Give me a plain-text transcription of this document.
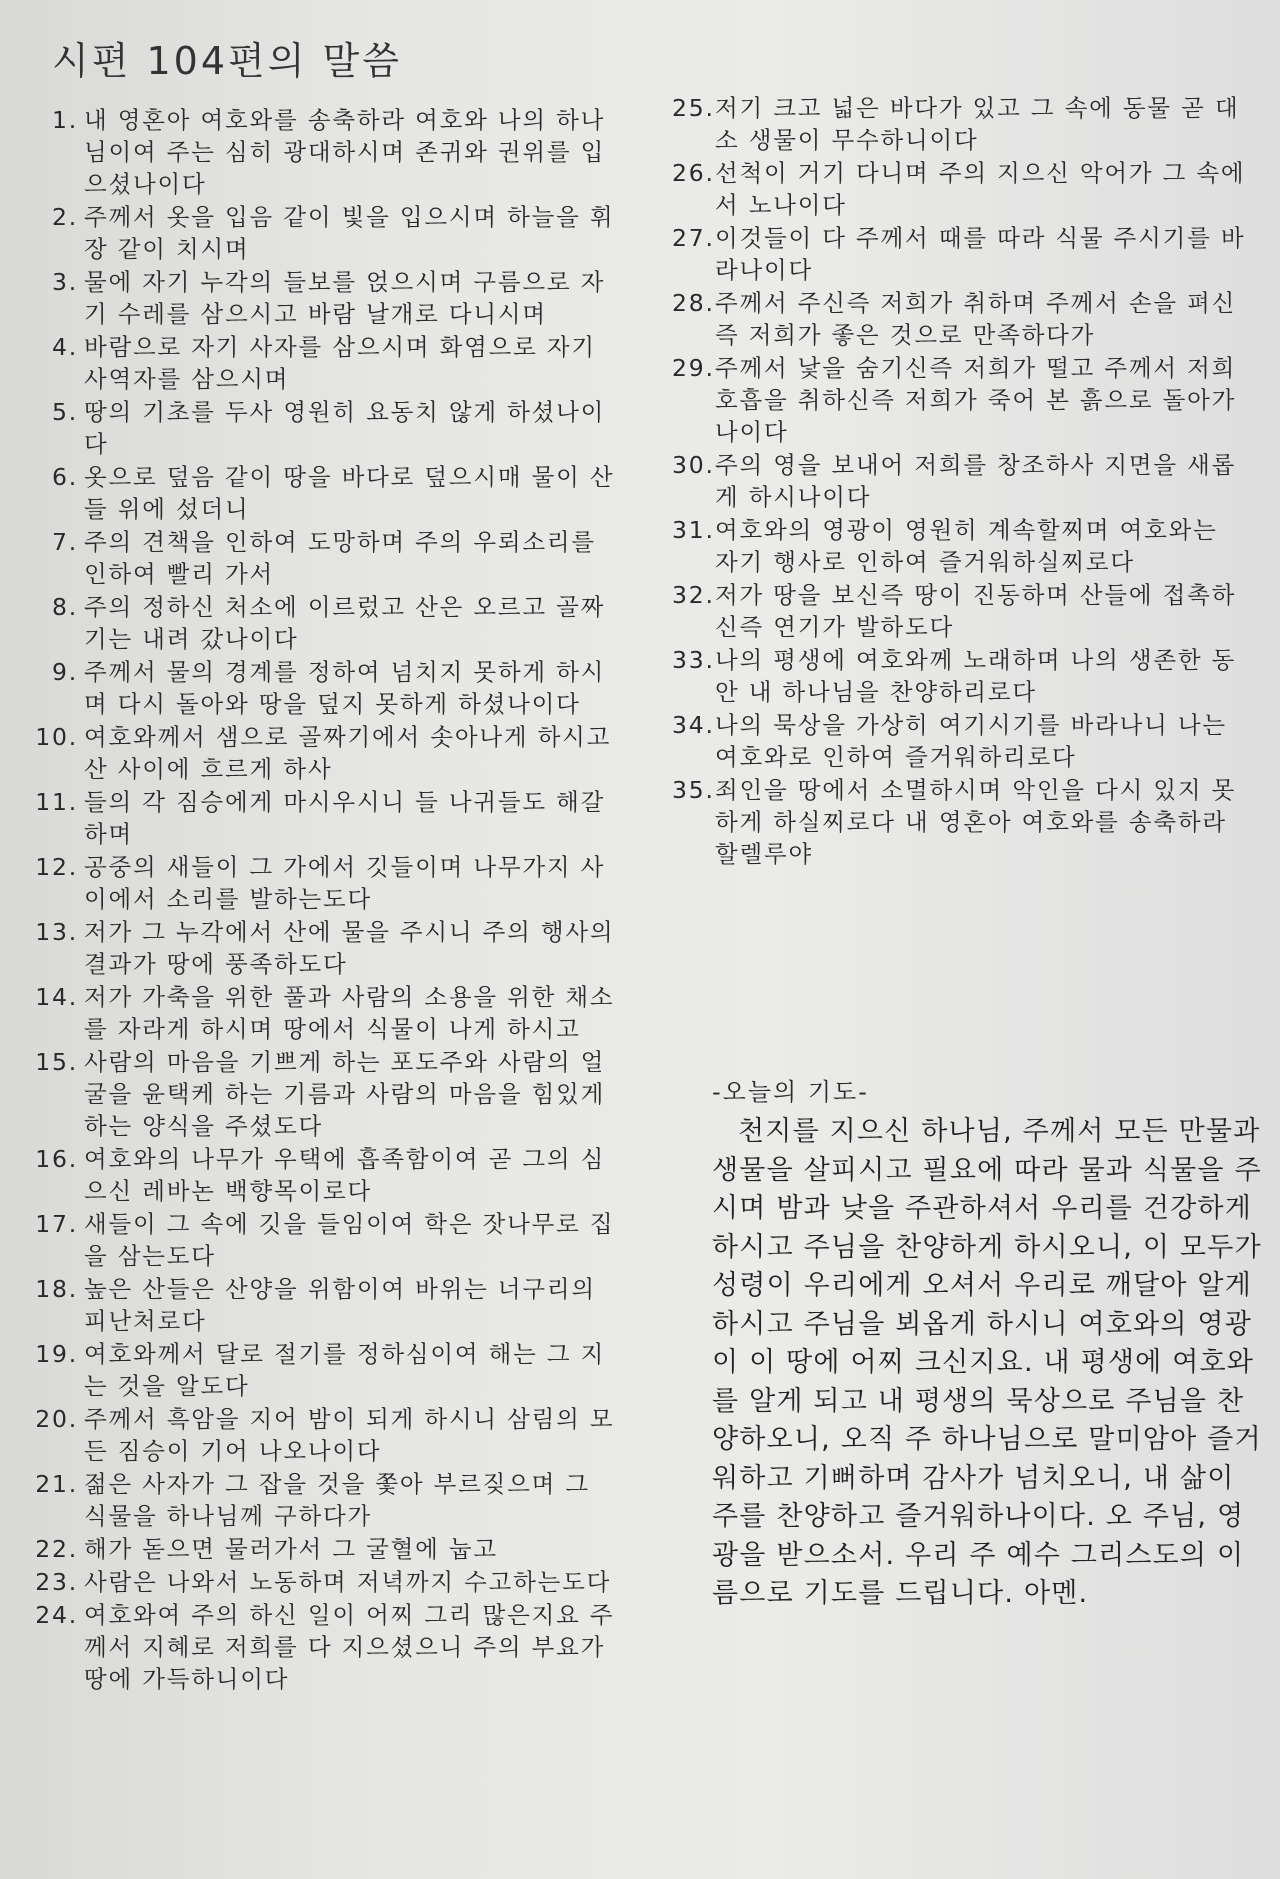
시편 104편의 말씀
1. 내 영혼아 여호와를 송축하라 여호와 나의 하나님이여 주는 심히 광대하시며 존귀와 권위를 입으셨나이다
2. 주께서 옷을 입음 같이 빛을 입으시며 하늘을 휘장 같이 치시며
3. 물에 자기 누각의 들보를 얹으시며 구름으로 자기 수레를 삼으시고 바람 날개로 다니시며
4. 바람으로 자기 사자를 삼으시며 화염으로 자기 사역자를 삼으시며
5. 땅의 기초를 두사 영원히 요동치 않게 하셨나이다
6. 옷으로 덮음 같이 땅을 바다로 덮으시매 물이 산들 위에 섰더니
7. 주의 견책을 인하여 도망하며 주의 우뢰소리를 인하여 빨리 가서
8. 주의 정하신 처소에 이르렀고 산은 오르고 골짜기는 내려 갔나이다
9. 주께서 물의 경계를 정하여 넘치지 못하게 하시며 다시 돌아와 땅을 덮지 못하게 하셨나이다
10. 여호와께서 샘으로 골짜기에서 솟아나게 하시고 산 사이에 흐르게 하사
11. 들의 각 짐승에게 마시우시니 들 나귀들도 해갈하며
12. 공중의 새들이 그 가에서 깃들이며 나무가지 사이에서 소리를 발하는도다
13. 저가 그 누각에서 산에 물을 주시니 주의 행사의 결과가 땅에 풍족하도다
14. 저가 가축을 위한 풀과 사람의 소용을 위한 채소를 자라게 하시며 땅에서 식물이 나게 하시고
15. 사람의 마음을 기쁘게 하는 포도주와 사람의 얼굴을 윤택케 하는 기름과 사람의 마음을 힘있게 하는 양식을 주셨도다
16. 여호와의 나무가 우택에 흡족함이여 곧 그의 심으신 레바논 백향목이로다
17. 새들이 그 속에 깃을 들임이여 학은 잣나무로 집을 삼는도다
18. 높은 산들은 산양을 위함이여 바위는 너구리의 피난처로다
19. 여호와께서 달로 절기를 정하심이여 해는 그 지는 것을 알도다
20. 주께서 흑암을 지어 밤이 되게 하시니 삼림의 모든 짐승이 기어 나오나이다
21. 젊은 사자가 그 잡을 것을 쫓아 부르짖으며 그 식물을 하나님께 구하다가
22. 해가 돋으면 물러가서 그 굴혈에 눕고
23. 사람은 나와서 노동하며 저녁까지 수고하는도다
24. 여호와여 주의 하신 일이 어찌 그리 많은지요 주께서 지혜로 저희를 다 지으셨으니 주의 부요가 땅에 가득하니이다
25. 저기 크고 넓은 바다가 있고 그 속에 동물 곧 대소 생물이 무수하니이다
26. 선척이 거기 다니며 주의 지으신 악어가 그 속에서 노나이다
27. 이것들이 다 주께서 때를 따라 식물 주시기를 바라나이다
28. 주께서 주신즉 저희가 취하며 주께서 손을 펴신즉 저희가 좋은 것으로 만족하다가
29. 주께서 낯을 숨기신즉 저희가 떨고 주께서 저희 호흡을 취하신즉 저희가 죽어 본 흙으로 돌아가나이다
30. 주의 영을 보내어 저희를 창조하사 지면을 새롭게 하시나이다
31. 여호와의 영광이 영원히 계속할찌며 여호와는 자기 행사로 인하여 즐거워하실찌로다
32. 저가 땅을 보신즉 땅이 진동하며 산들에 접촉하신즉 연기가 발하도다
33. 나의 평생에 여호와께 노래하며 나의 생존한 동안 내 하나님을 찬양하리로다
34. 나의 묵상을 가상히 여기시기를 바라나니 나는 여호와로 인하여 즐거워하리로다
35. 죄인을 땅에서 소멸하시며 악인을 다시 있지 못하게 하실찌로다 내 영혼아 여호와를 송축하라 할렐루야
-오늘의 기도-
천지를 지으신 하나님, 주께서 모든 만물과 생물을 살피시고 필요에 따라 물과 식물을 주시며 밤과 낮을 주관하셔서 우리를 건강하게 하시고 주님을 찬양하게 하시오니, 이 모두가 성령이 우리에게 오셔서 우리로 깨달아 알게 하시고 주님을 뵈옵게 하시니 여호와의 영광이 이 땅에 어찌 크신지요. 내 평생에 여호와를 알게 되고 내 평생의 묵상으로 주님을 찬양하오니, 오직 주 하나님으로 말미암아 즐거워하고 기뻐하며 감사가 넘치오니, 내 삶이 주를 찬양하고 즐거워하나이다. 오 주님, 영광을 받으소서. 우리 주 예수 그리스도의 이름으로 기도를 드립니다. 아멘.
